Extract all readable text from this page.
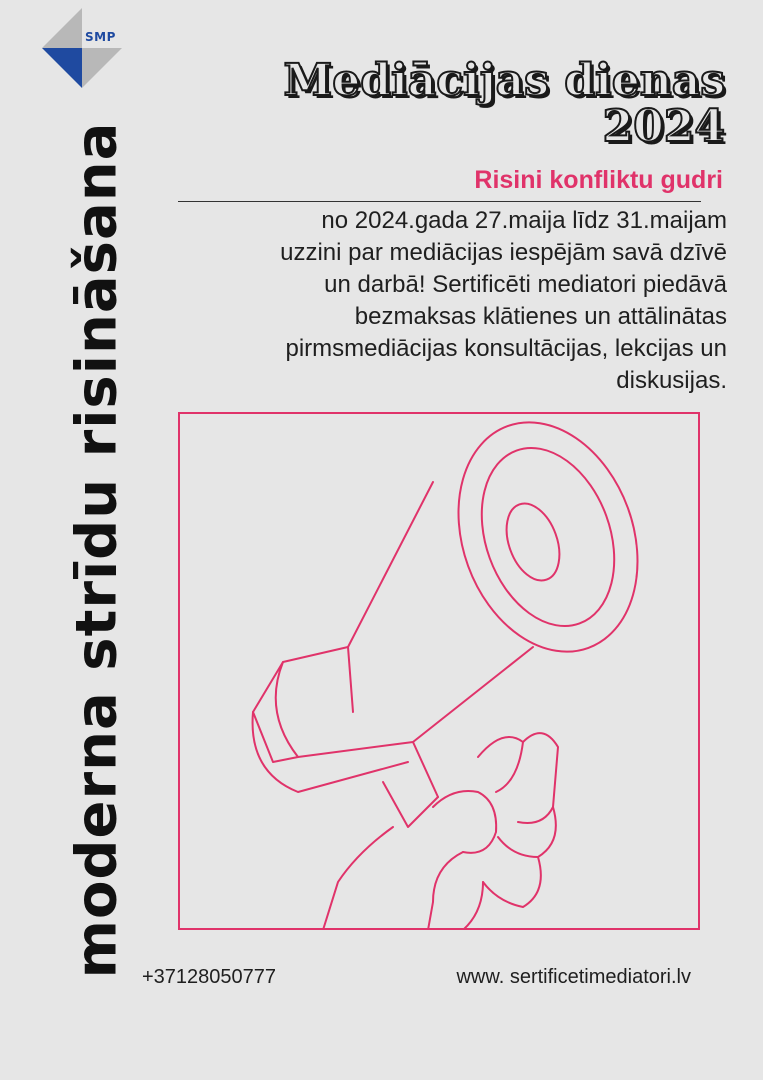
SMP
moderna strīdu risināšana
Mediācijas dienas
2024
Risini konfliktu gudri
no 2024.gada 27.maija līdz 31.maijam
uzzini par mediācijas iespējām savā dzīvē
un darbā! Sertificēti mediatori piedāvā
bezmaksas klātienes un attālinātas
pirmsmediācijas konsultācijas, lekcijas un
diskusijas.
+37128050777	www. sertificetimediatori.lv
